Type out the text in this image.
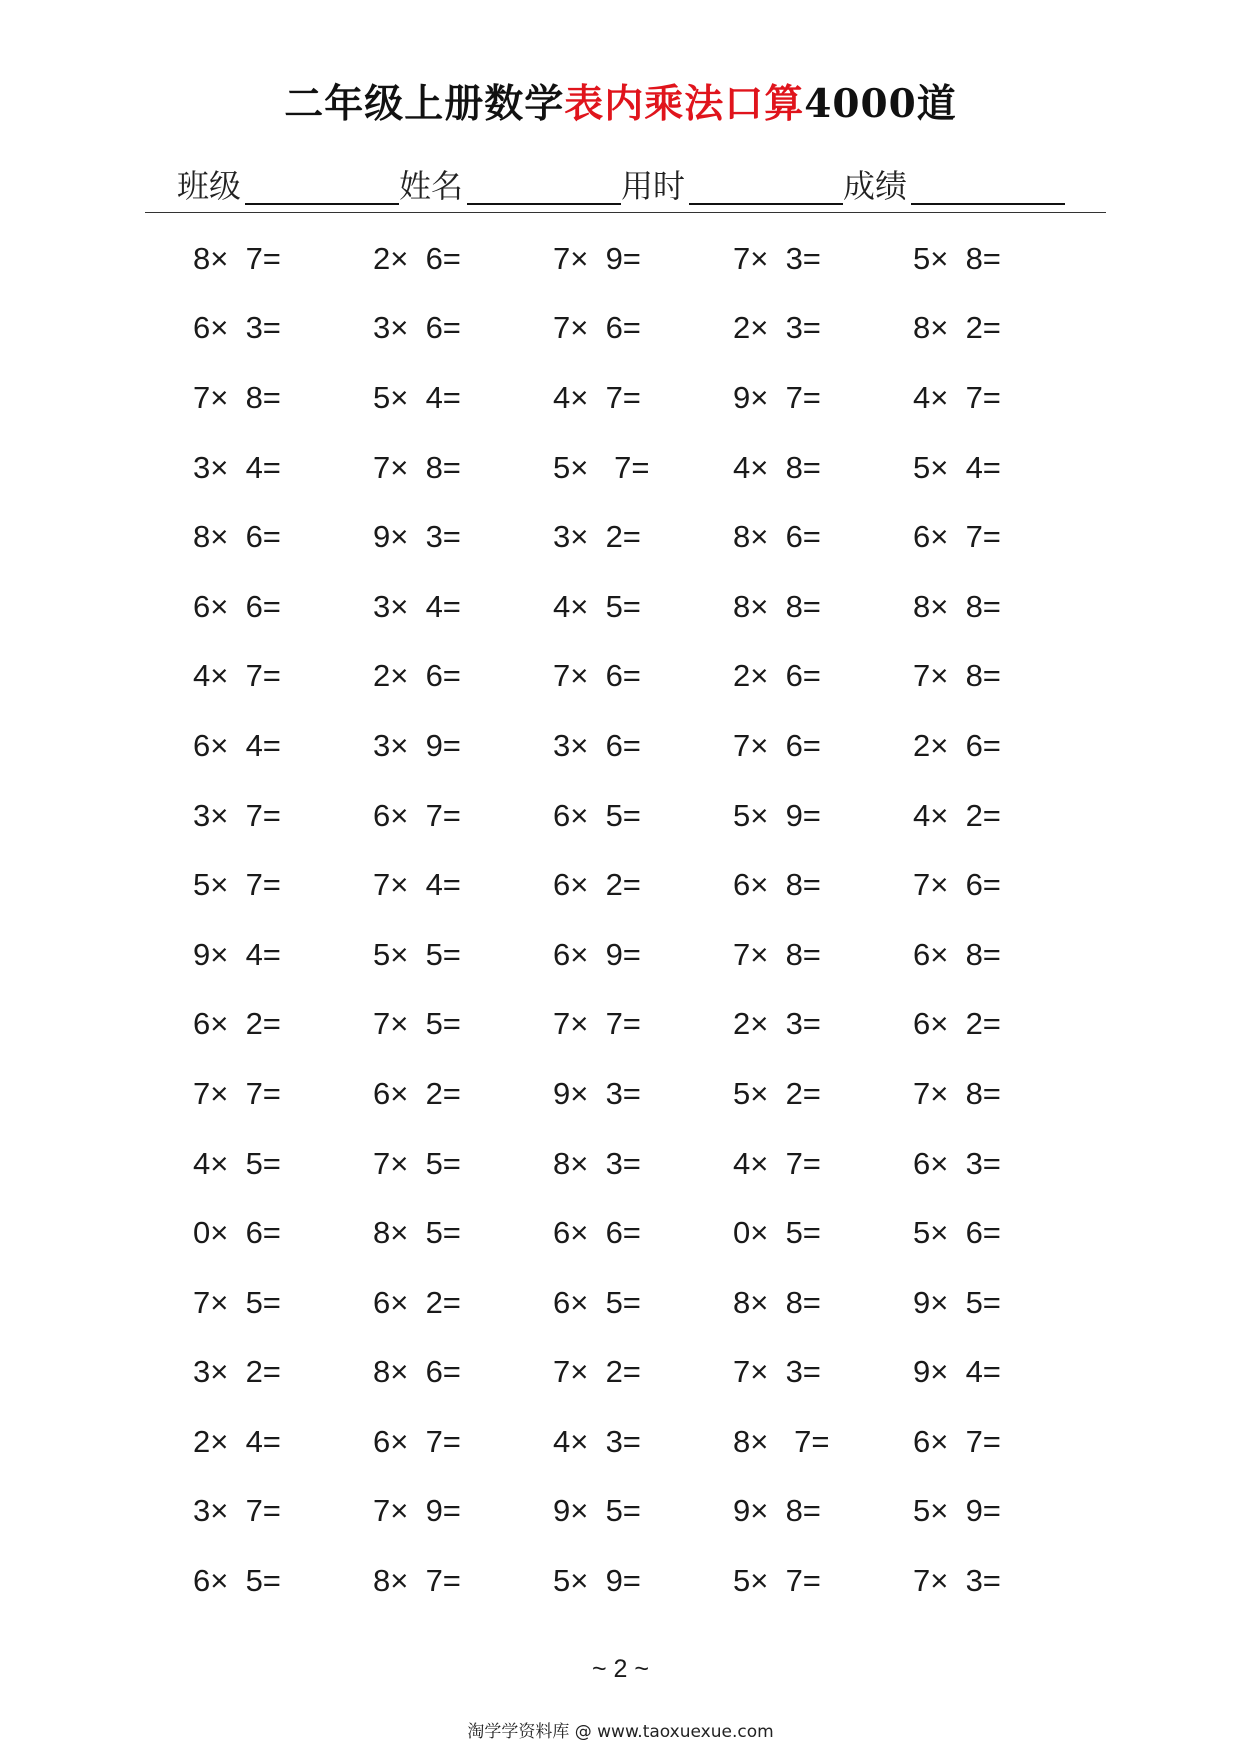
二年级上册数学表内乘法口算4000道
班级	姓名	用时	成绩
8×  7=	2×  6=	7×  9=	7×  3=	5×  8=
6×  3=	3×  6=	7×  6=	2×  3=	8×  2=
7×  8=	5×  4=	4×  7=	9×  7=	4×  7=
3×  4=	7×  8=	5×   7=	4×  8=	5×  4=
8×  6=	9×  3=	3×  2=	8×  6=	6×  7=
6×  6=	3×  4=	4×  5=	8×  8=	8×  8=
4×  7=	2×  6=	7×  6=	2×  6=	7×  8=
6×  4=	3×  9=	3×  6=	7×  6=	2×  6=
3×  7=	6×  7=	6×  5=	5×  9=	4×  2=
5×  7=	7×  4=	6×  2=	6×  8=	7×  6=
9×  4=	5×  5=	6×  9=	7×  8=	6×  8=
6×  2=	7×  5=	7×  7=	2×  3=	6×  2=
7×  7=	6×  2=	9×  3=	5×  2=	7×  8=
4×  5=	7×  5=	8×  3=	4×  7=	6×  3=
0×  6=	8×  5=	6×  6=	0×  5=	5×  6=
7×  5=	6×  2=	6×  5=	8×  8=	9×  5=
3×  2=	8×  6=	7×  2=	7×  3=	9×  4=
2×  4=	6×  7=	4×  3=	8×   7=	6×  7=
3×  7=	7×  9=	9×  5=	9×  8=	5×  9=
6×  5=	8×  7=	5×  9=	5×  7=	7×  3=
~ 2 ~
淘学学资料库 @ www.taoxuexue.com
